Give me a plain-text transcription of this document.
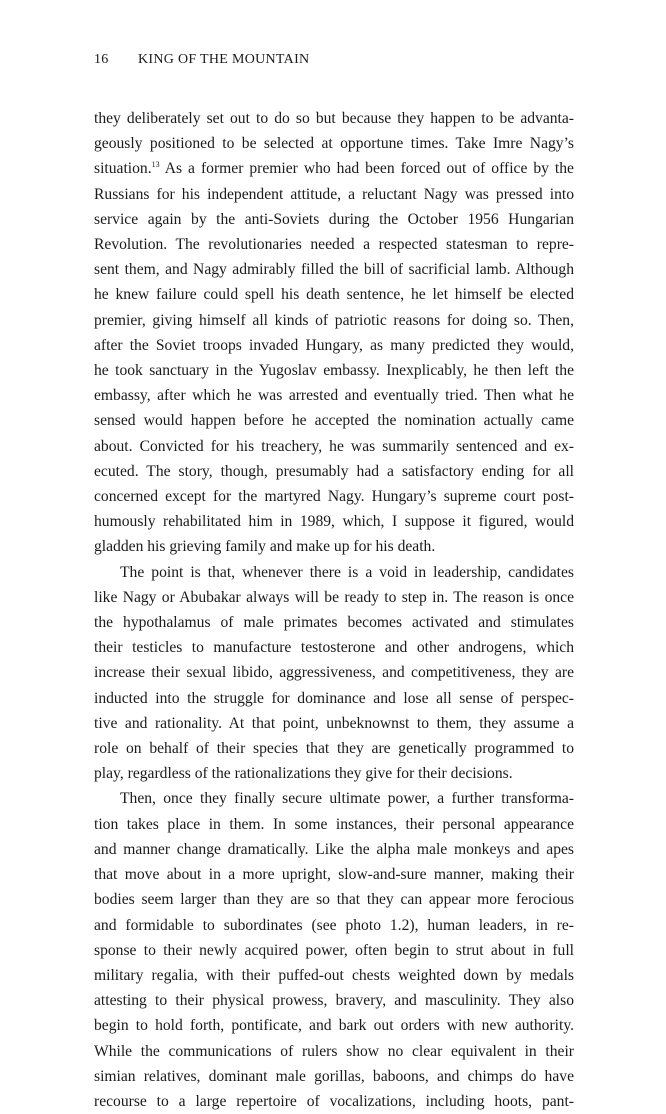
16 KING OF THE MOUNTAIN
they deliberately set out to do so but because they happen to be advanta-
geously positioned to be selected at opportune times. Take Imre Nagy’s
situation.$^{13}$ As a former premier who had been forced out of office by the
Russians for his independent attitude, a reluctant Nagy was pressed into
service again by the anti-Soviets during the October 1956 Hungarian
Revolution. The revolutionaries needed a respected statesman to repre-
sent them, and Nagy admirably filled the bill of sacrificial lamb. Although
he knew failure could spell his death sentence, he let himself be elected
premier, giving himself all kinds of patriotic reasons for doing so. Then,
after the Soviet troops invaded Hungary, as many predicted they would,
he took sanctuary in the Yugoslav embassy. Inexplicably, he then left the
embassy, after which he was arrested and eventually tried. Then what he
sensed would happen before he accepted the nomination actually came
about. Convicted for his treachery, he was summarily sentenced and ex-
ecuted. The story, though, presumably had a satisfactory ending for all
concerned except for the martyred Nagy. Hungary’s supreme court post-
humously rehabilitated him in 1989, which, I suppose it figured, would
gladden his grieving family and make up for his death.
The point is that, whenever there is a void in leadership, candidates
like Nagy or Abubakar always will be ready to step in. The reason is once
the hypothalamus of male primates becomes activated and stimulates
their testicles to manufacture testosterone and other androgens, which
increase their sexual libido, aggressiveness, and competitiveness, they are
inducted into the struggle for dominance and lose all sense of perspec-
tive and rationality. At that point, unbeknownst to them, they assume a
role on behalf of their species that they are genetically programmed to
play, regardless of the rationalizations they give for their decisions.
Then, once they finally secure ultimate power, a further transforma-
tion takes place in them. In some instances, their personal appearance
and manner change dramatically. Like the alpha male monkeys and apes
that move about in a more upright, slow-and-sure manner, making their
bodies seem larger than they are so that they can appear more ferocious
and formidable to subordinates (see photo 1.2), human leaders, in re-
sponse to their newly acquired power, often begin to strut about in full
military regalia, with their puffed-out chests weighted down by medals
attesting to their physical prowess, bravery, and masculinity. They also
begin to hold forth, pontificate, and bark out orders with new authority.
While the communications of rulers show no clear equivalent in their
simian relatives, dominant male gorillas, baboons, and chimps do have
recourse to a large repertoire of vocalizations, including hoots, pant-
